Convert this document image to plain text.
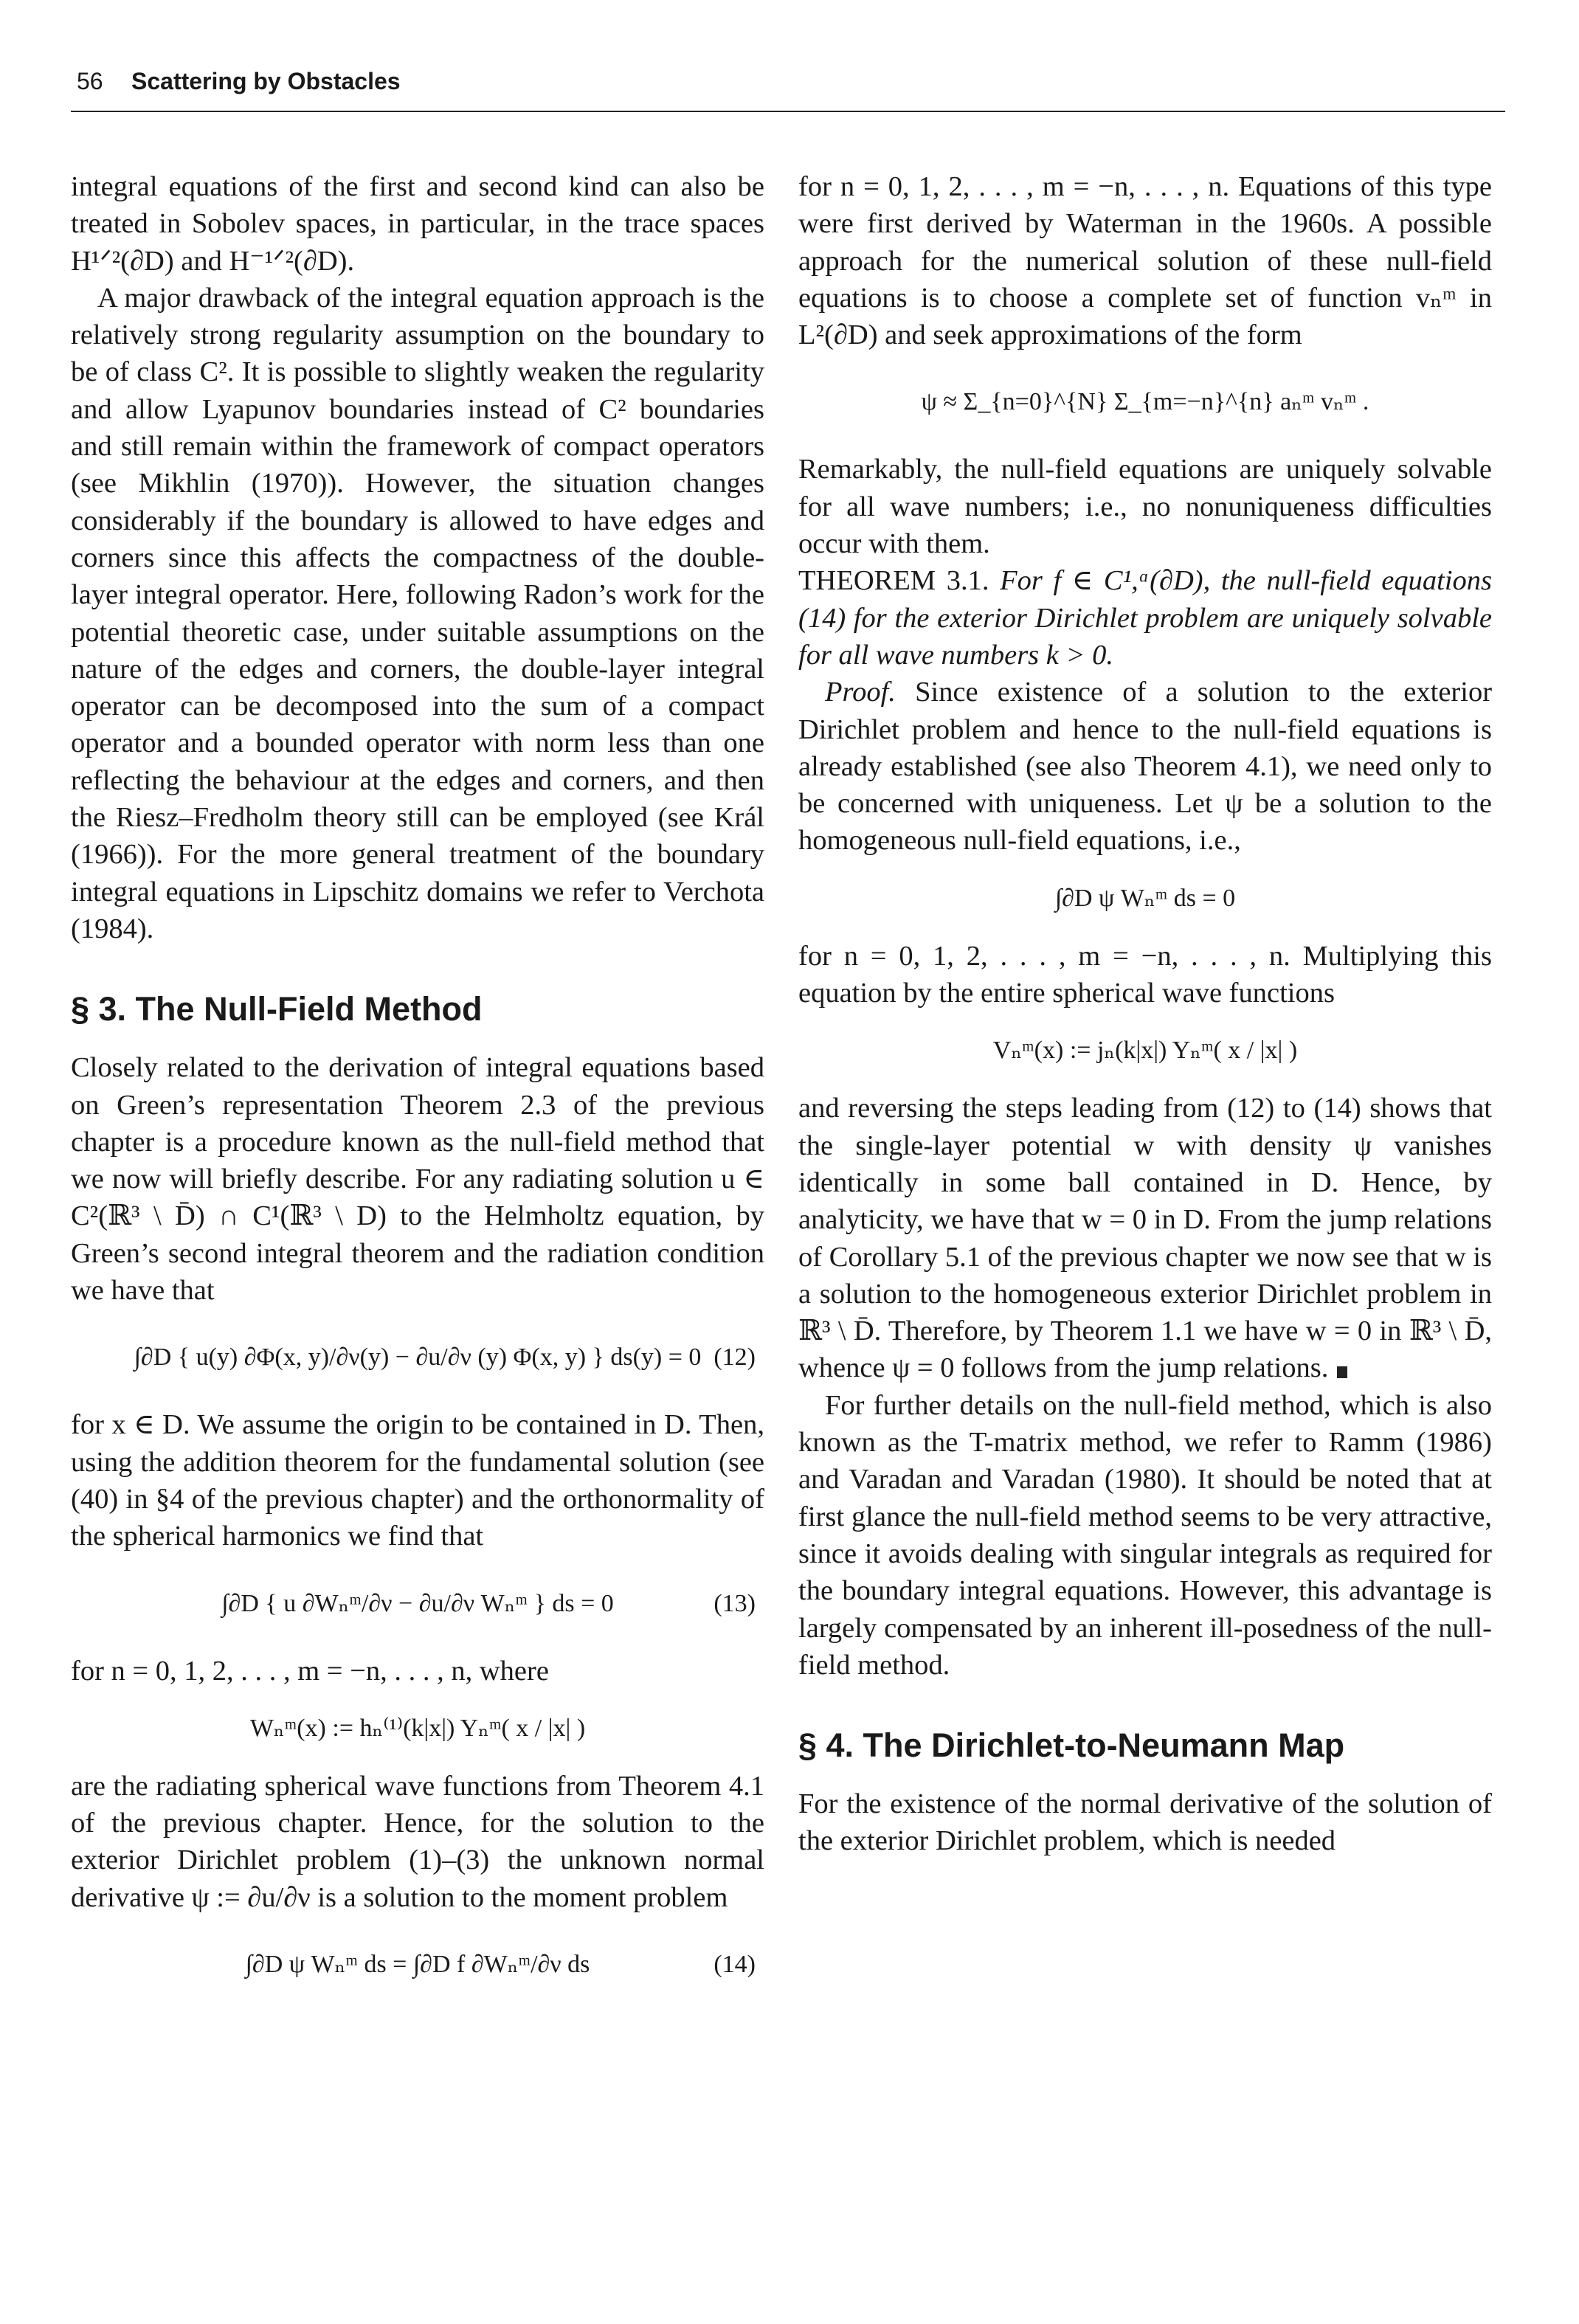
56 Scattering by Obstacles

integral equations of the first and second kind can also be treated in Sobolev spaces, in particular, in the trace spaces H¹ᐟ²(∂D) and H⁻¹ᐟ²(∂D).

A major drawback of the integral equation approach is the relatively strong regularity assumption on the boundary to be of class C². It is possible to slightly weaken the regularity and allow Lyapunov boundaries instead of C² boundaries and still remain within the framework of compact operators (see Mikhlin (1970)). However, the situation changes considerably if the boundary is allowed to have edges and corners since this affects the compactness of the double-layer integral operator. Here, following Radon’s work for the potential theoretic case, under suitable assumptions on the nature of the edges and corners, the double-layer integral operator can be decomposed into the sum of a compact operator and a bounded operator with norm less than one reflecting the behaviour at the edges and corners, and then the Riesz–Fredholm theory still can be employed (see Král (1966)). For the more general treatment of the boundary integral equations in Lipschitz domains we refer to Verchota (1984).

§ 3. The Null-Field Method

Closely related to the derivation of integral equations based on Green’s representation Theorem 2.3 of the previous chapter is a procedure known as the null-field method that we now will briefly describe. For any radiating solution u ∈ C²(ℝ³ \ D̄) ∩ C¹(ℝ³ \ D) to the Helmholtz equation, by Green’s second integral theorem and the radiation condition we have that

∫∂D { u(y) ∂Φ(x, y)/∂ν(y) − ∂u/∂ν (y) Φ(x, y) } ds(y) = 0 (12)

for x ∈ D. We assume the origin to be contained in D. Then, using the addition theorem for the fundamental solution (see (40) in §4 of the previous chapter) and the orthonormality of the spherical harmonics we find that

∫∂D { u ∂Wₙᵐ/∂ν − ∂u/∂ν Wₙᵐ } ds = 0	(13)

for n = 0, 1, 2, . . . , m = −n, . . . , n, where

Wₙᵐ(x) := hₙ⁽¹⁾(k|x|) Yₙᵐ( x / |x| )

are the radiating spherical wave functions from Theorem 4.1 of the previous chapter. Hence, for the solution to the exterior Dirichlet problem (1)–(3) the unknown normal derivative ψ := ∂u/∂ν is a solution to the moment problem

∫∂D ψ Wₙᵐ ds = ∫∂D f ∂Wₙᵐ/∂ν ds	(14)

for n = 0, 1, 2, . . . , m = −n, . . . , n. Equations of this type were first derived by Waterman in the 1960s. A possible approach for the numerical solution of these null-field equations is to choose a complete set of function vₙᵐ in L²(∂D) and seek approximations of the form

ψ ≈ Σ_{n=0}^{N} Σ_{m=−n}^{n} aₙᵐ vₙᵐ .

Remarkably, the null-field equations are uniquely solvable for all wave numbers; i.e., no nonuniqueness difficulties occur with them.

THEOREM 3.1. For f ∈ C¹,ᵅ(∂D), the null-field equations (14) for the exterior Dirichlet problem are uniquely solvable for all wave numbers k > 0.

Proof. Since existence of a solution to the exterior Dirichlet problem and hence to the null-field equations is already established (see also Theorem 4.1), we need only to be concerned with uniqueness. Let ψ be a solution to the homogeneous null-field equations, i.e.,

∫∂D ψ Wₙᵐ ds = 0

for n = 0, 1, 2, . . . , m = −n, . . . , n. Multiplying this equation by the entire spherical wave functions

Vₙᵐ(x) := jₙ(k|x|) Yₙᵐ( x / |x| )

and reversing the steps leading from (12) to (14) shows that the single-layer potential w with density ψ vanishes identically in some ball contained in D. Hence, by analyticity, we have that w = 0 in D. From the jump relations of Corollary 5.1 of the previous chapter we now see that w is a solution to the homogeneous exterior Dirichlet problem in ℝ³ \ D̄. Therefore, by Theorem 1.1 we have w = 0 in ℝ³ \ D̄, whence ψ = 0 follows from the jump relations.

For further details on the null-field method, which is also known as the T-matrix method, we refer to Ramm (1986) and Varadan and Varadan (1980). It should be noted that at first glance the null-field method seems to be very attractive, since it avoids dealing with singular integrals as required for the boundary integral equations. However, this advantage is largely compensated by an inherent ill-posedness of the null-field method.

§ 4. The Dirichlet-to-Neumann Map

For the existence of the normal derivative of the solution of the exterior Dirichlet problem, which is needed
